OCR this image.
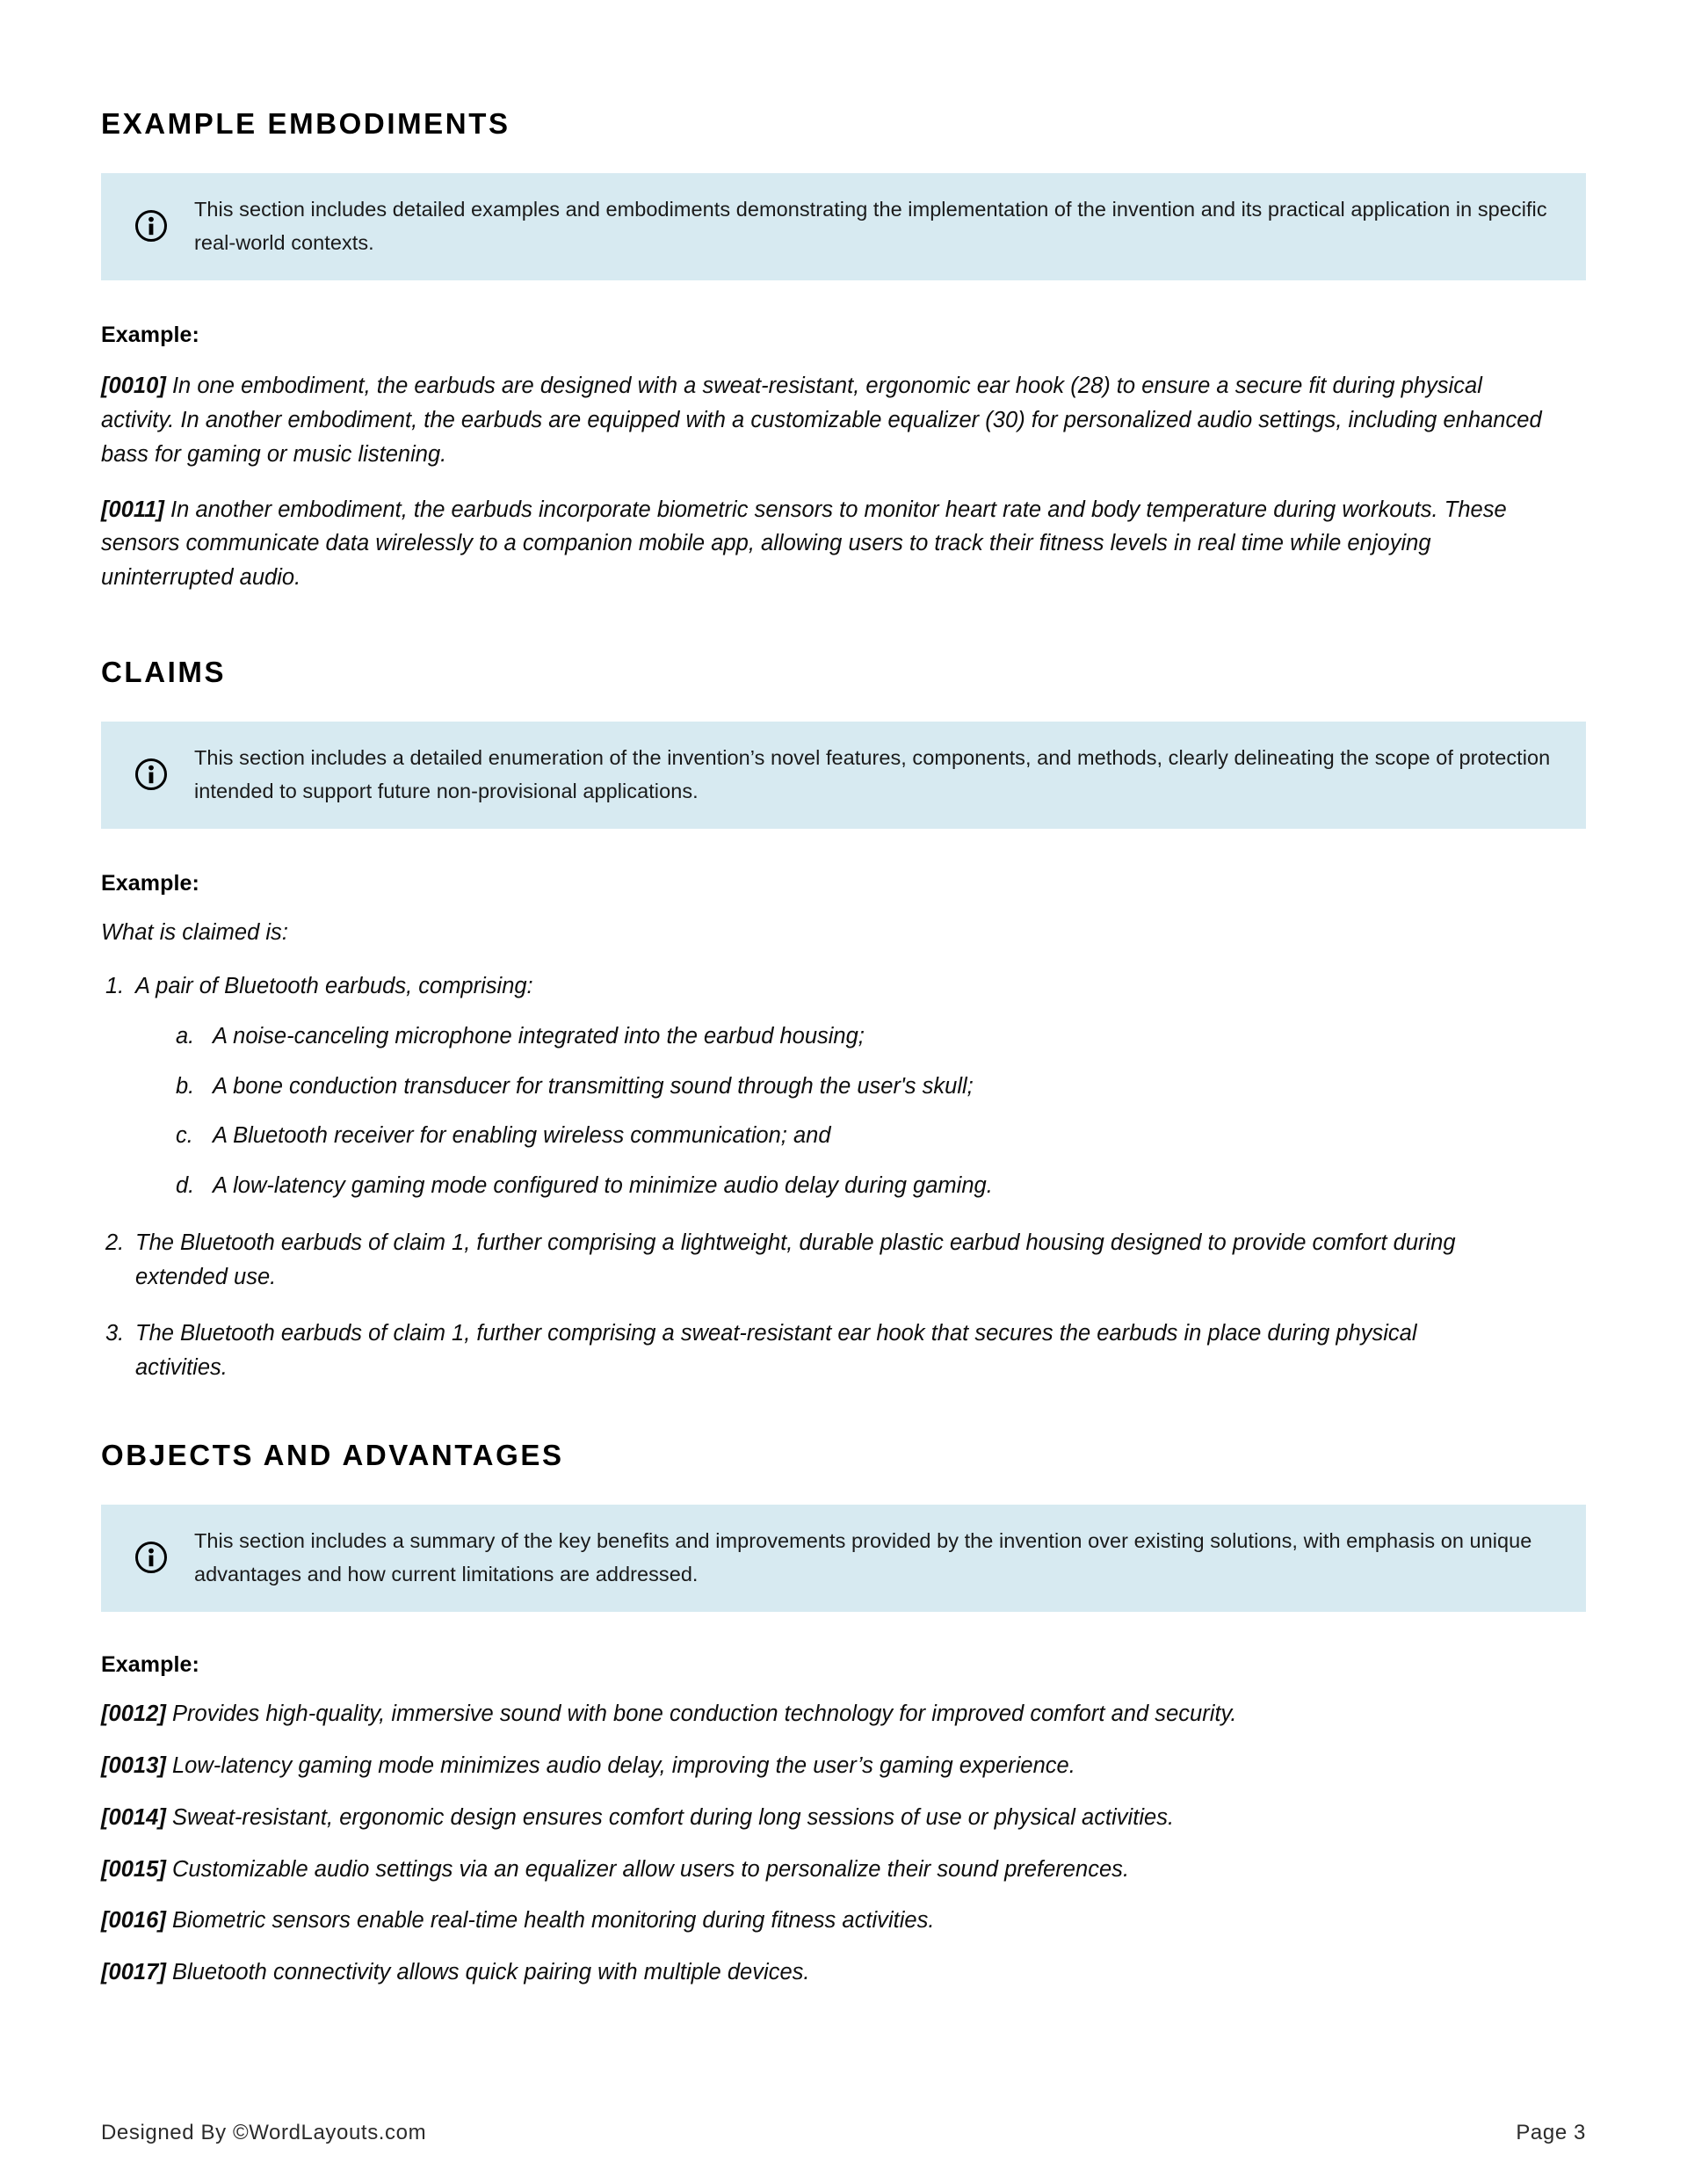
EXAMPLE EMBODIMENTS
This section includes detailed examples and embodiments demonstrating the implementation of the invention and its practical application in specific real-world contexts.
Example:

[0010] In one embodiment, the earbuds are designed with a sweat-resistant, ergonomic ear hook (28) to ensure a secure fit during physical activity. In another embodiment, the earbuds are equipped with a customizable equalizer (30) for personalized audio settings, including enhanced bass for gaming or music listening.

[0011] In another embodiment, the earbuds incorporate biometric sensors to monitor heart rate and body temperature during workouts. These sensors communicate data wirelessly to a companion mobile app, allowing users to track their fitness levels in real time while enjoying uninterrupted audio.

CLAIMS
This section includes a detailed enumeration of the invention’s novel features, components, and methods, clearly delineating the scope of protection intended to support future non-provisional applications.
Example:
What is claimed is:
1. A pair of Bluetooth earbuds, comprising:
a. A noise-canceling microphone integrated into the earbud housing;
b. A bone conduction transducer for transmitting sound through the user's skull;
c. A Bluetooth receiver for enabling wireless communication; and
d. A low-latency gaming mode configured to minimize audio delay during gaming.
2. The Bluetooth earbuds of claim 1, further comprising a lightweight, durable plastic earbud housing designed to provide comfort during extended use.
3. The Bluetooth earbuds of claim 1, further comprising a sweat-resistant ear hook that secures the earbuds in place during physical activities.
OBJECTS AND ADVANTAGES
This section includes a summary of the key benefits and improvements provided by the invention over existing solutions, with emphasis on unique advantages and how current limitations are addressed.
Example:

[0012] Provides high-quality, immersive sound with bone conduction technology for improved comfort and security.

[0013] Low-latency gaming mode minimizes audio delay, improving the user’s gaming experience.

[0014] Sweat-resistant, ergonomic design ensures comfort during long sessions of use or physical activities.

[0015] Customizable audio settings via an equalizer allow users to personalize their sound preferences.

[0016] Biometric sensors enable real-time health monitoring during fitness activities.

[0017] Bluetooth connectivity allows quick pairing with multiple devices.

Designed By ©WordLayouts.com	Page 3
